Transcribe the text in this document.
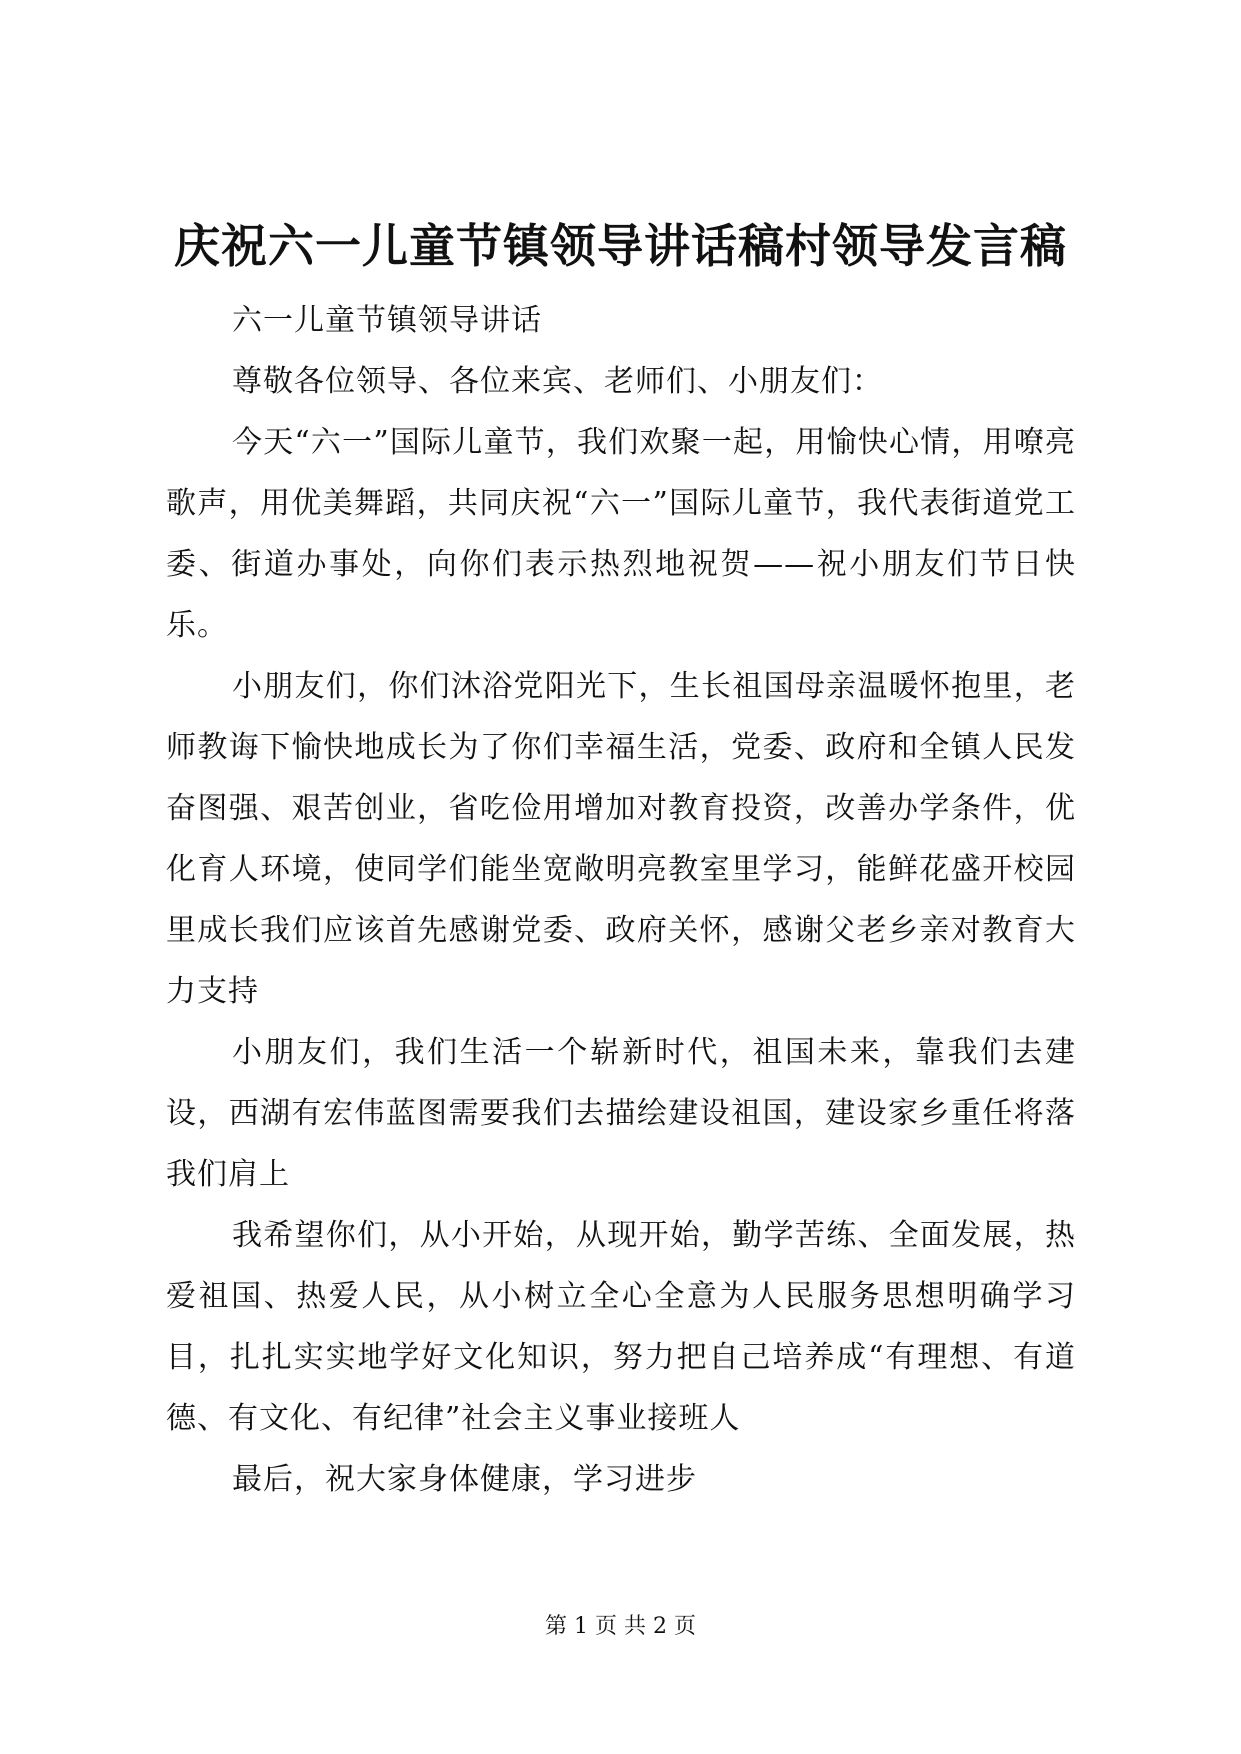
庆祝六一儿童节镇领导讲话稿村领导发言稿

六一儿童节镇领导讲话

尊敬各位领导、各位来宾、老师们、小朋友们：

今天“六一”国际儿童节，我们欢聚一起，用愉快心情，用嘹亮歌声，用优美舞蹈，共同庆祝“六一”国际儿童节，我代表街道党工委、街道办事处，向你们表示热烈地祝贺——祝小朋友们节日快乐。

小朋友们，你们沐浴党阳光下，生长祖国母亲温暖怀抱里，老师教诲下愉快地成长为了你们幸福生活，党委、政府和全镇人民发奋图强、艰苦创业，省吃俭用增加对教育投资，改善办学条件，优化育人环境，使同学们能坐宽敞明亮教室里学习，能鲜花盛开校园里成长我们应该首先感谢党委、政府关怀，感谢父老乡亲对教育大力支持

小朋友们，我们生活一个崭新时代，祖国未来，靠我们去建设，西湖有宏伟蓝图需要我们去描绘建设祖国，建设家乡重任将落我们肩上

我希望你们，从小开始，从现开始，勤学苦练、全面发展，热爱祖国、热爱人民，从小树立全心全意为人民服务思想明确学习目，扎扎实实地学好文化知识，努力把自己培养成“有理想、有道德、有文化、有纪律”社会主义事业接班人

最后，祝大家身体健康，学习进步

第 1 页 共 2 页
